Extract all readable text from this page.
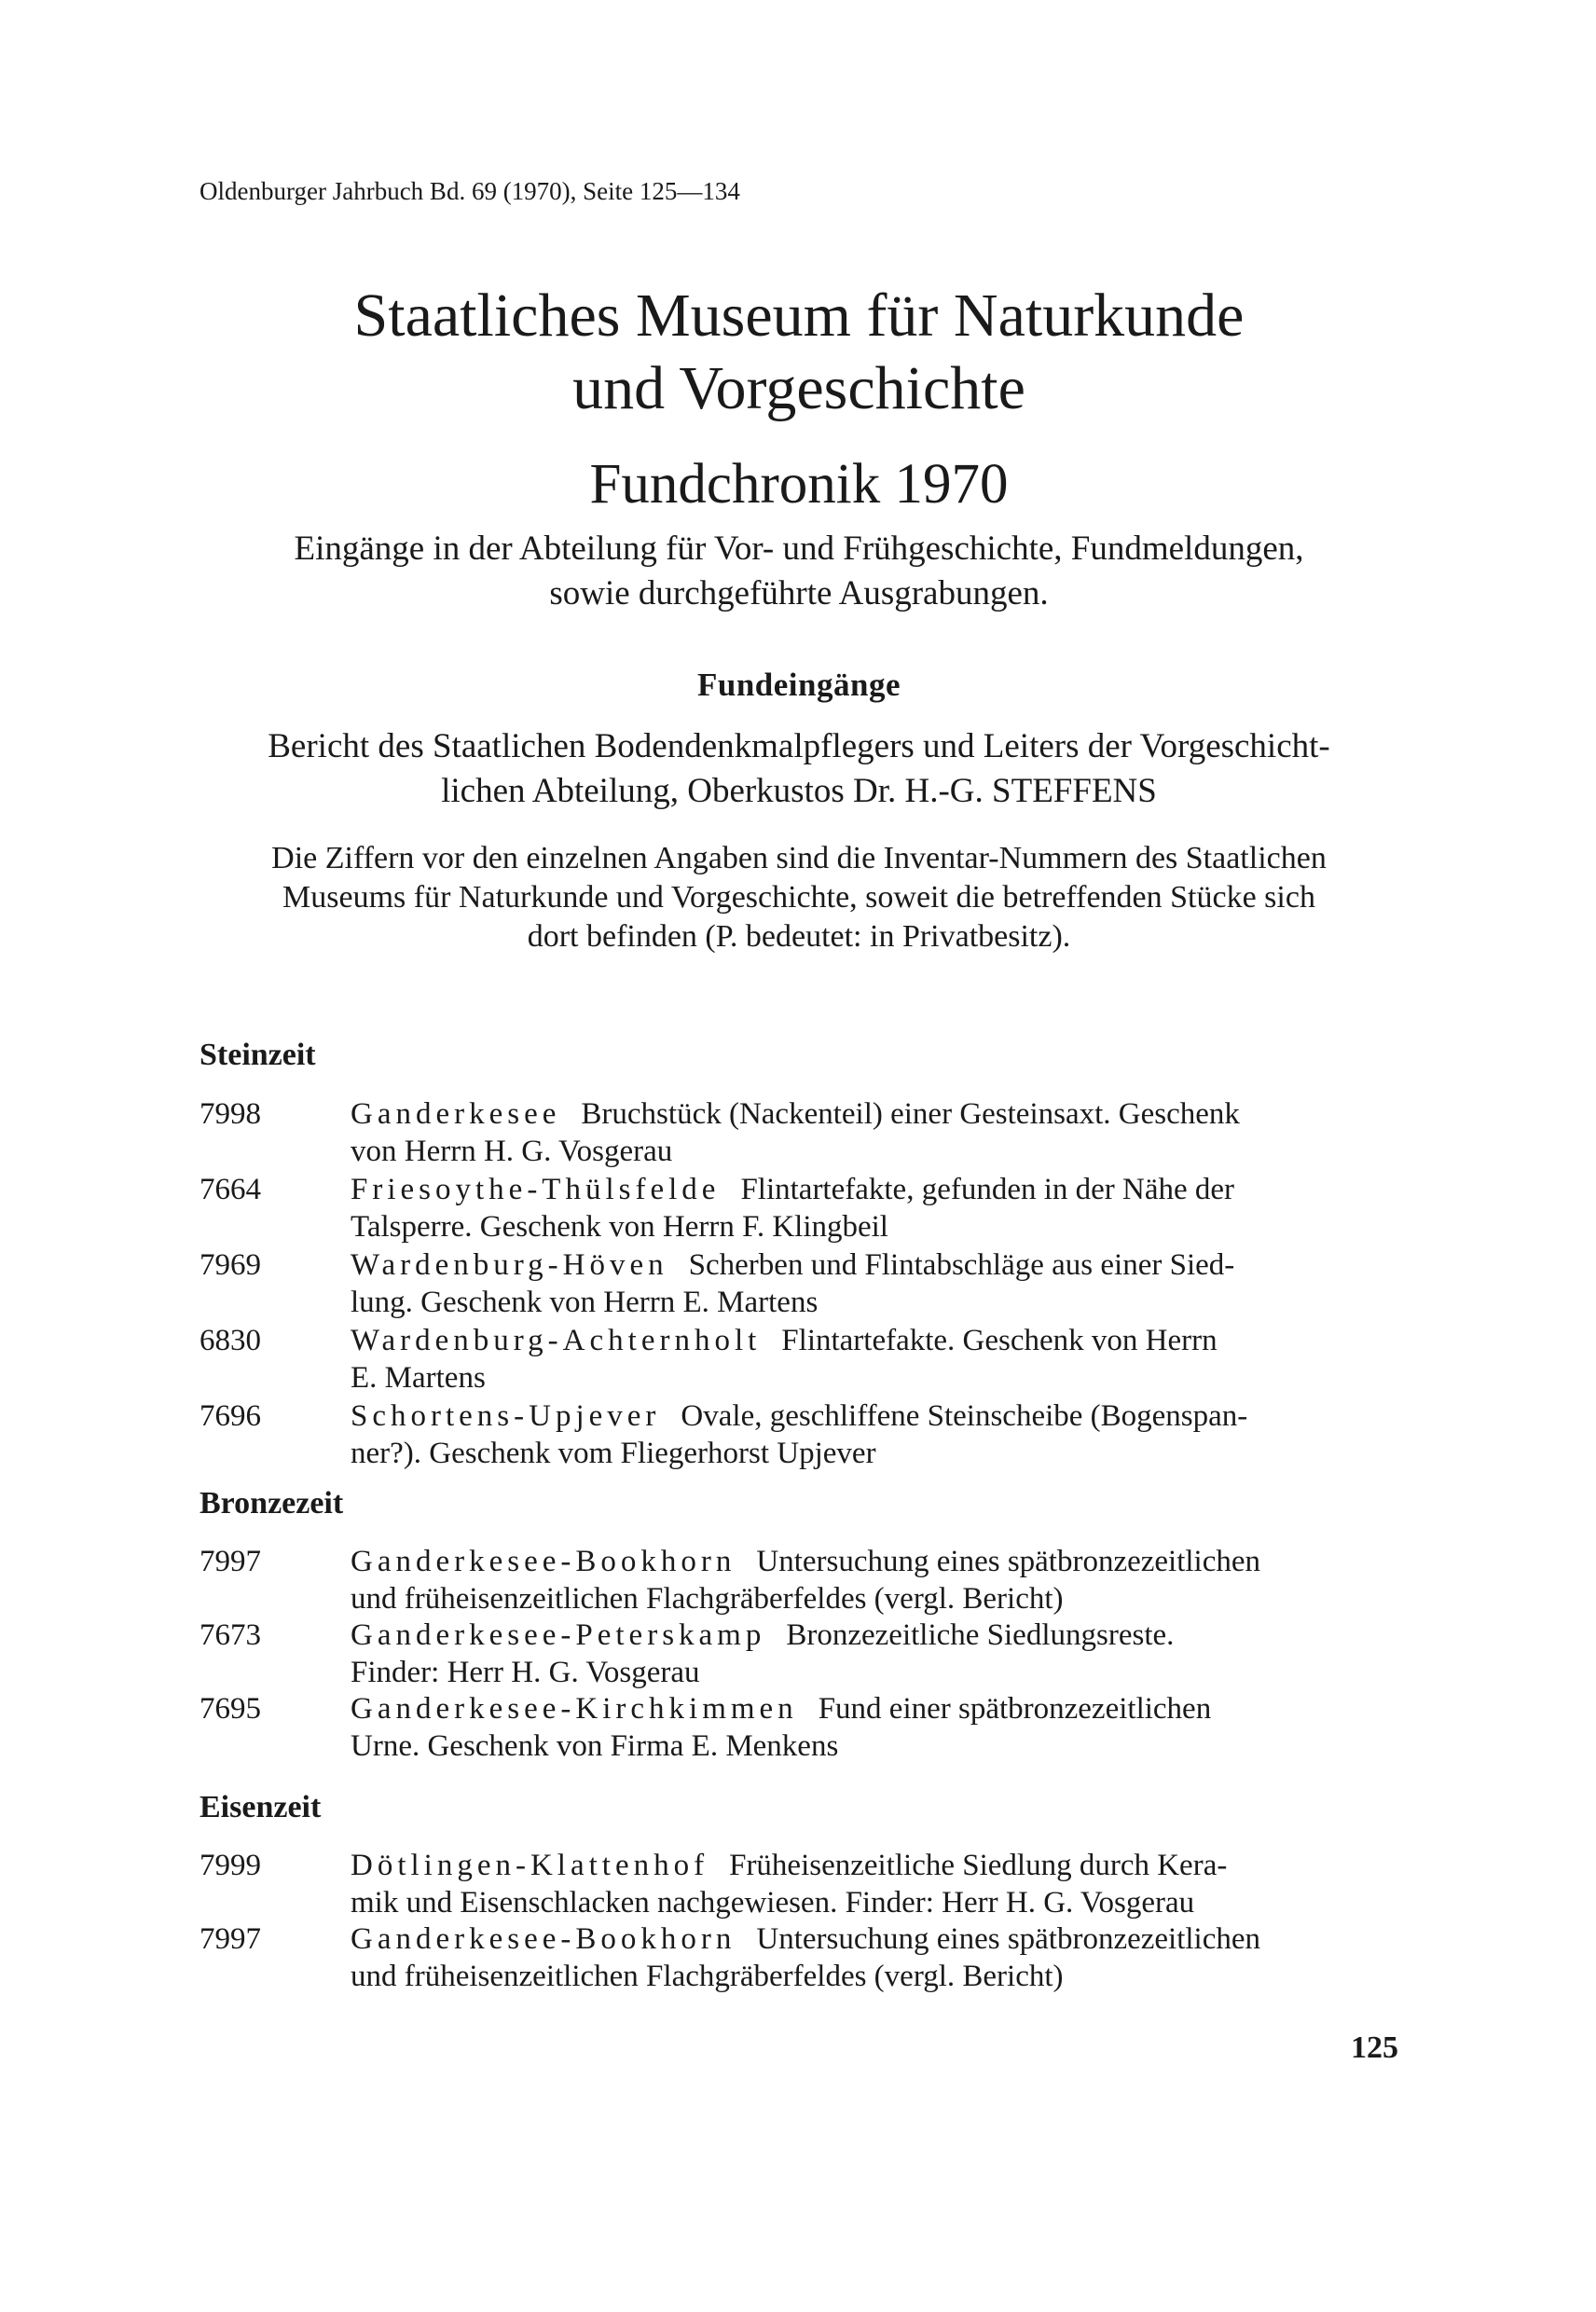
Oldenburger Jahrbuch Bd. 69 (1970), Seite 125—134
Staatliches Museum für Naturkunde
und Vorgeschichte
Fundchronik 1970
Eingänge in der Abteilung für Vor- und Frühgeschichte, Fundmeldungen,
sowie durchgeführte Ausgrabungen.
Fundeingänge
Bericht des Staatlichen Bodendenkmalpflegers und Leiters der Vorgeschicht-
lichen Abteilung, Oberkustos Dr. H.-G. STEFFENS
Die Ziffern vor den einzelnen Angaben sind die Inventar-Nummern des Staatlichen
Museums für Naturkunde und Vorgeschichte, soweit die betreffenden Stücke sich
dort befinden (P. bedeutet: in Privatbesitz).
Steinzeit
7998	Ganderkesee Bruchstück (Nackenteil) einer Gesteinsaxt. Geschenk
von Herrn H. G. Vosgerau
7664	Friesoythe-Thülsfelde Flintartefakte, gefunden in der Nähe der
Talsperre. Geschenk von Herrn F. Klingbeil
7969	Wardenburg-Höven Scherben und Flintabschläge aus einer Sied-
lung. Geschenk von Herrn E. Martens
6830	Wardenburg-Achternholt Flintartefakte. Geschenk von Herrn
E. Martens
7696	Schortens-Upjever Ovale, geschliffene Steinscheibe (Bogenspan-
ner?). Geschenk vom Fliegerhorst Upjever
Bronzezeit
7997	Ganderkesee-Bookhorn Untersuchung eines spätbronzezeitlichen
und früheisenzeitlichen Flachgräberfeldes (vergl. Bericht)
7673	Ganderkesee-Peterskamp Bronzezeitliche Siedlungsreste.
Finder: Herr H. G. Vosgerau
7695	Ganderkesee-Kirchkimmen Fund einer spätbronzezeitlichen
Urne. Geschenk von Firma E. Menkens
Eisenzeit
7999	Dötlingen-Klattenhof Früheisenzeitliche Siedlung durch Kera-
mik und Eisenschlacken nachgewiesen. Finder: Herr H. G. Vosgerau
7997	Ganderkesee-Bookhorn Untersuchung eines spätbronzezeitlichen
und früheisenzeitlichen Flachgräberfeldes (vergl. Bericht)
125
